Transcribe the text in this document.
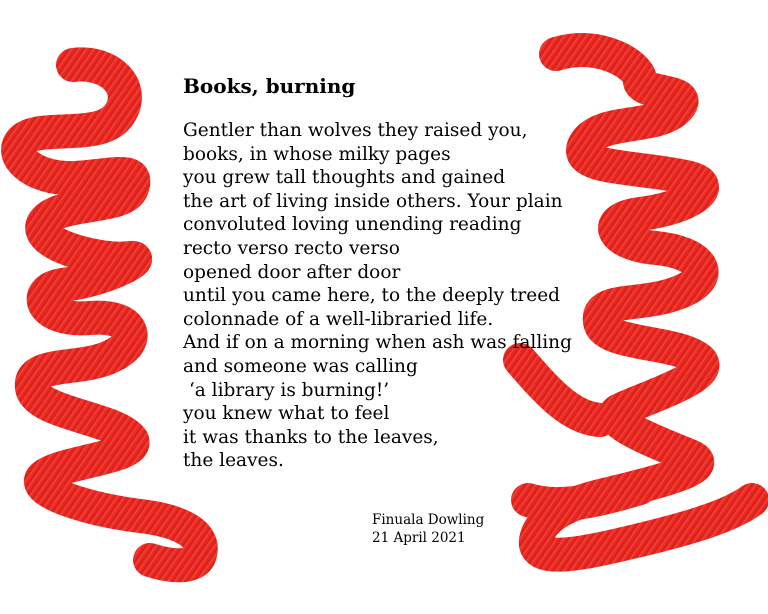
Books, burning
Gentler than wolves they raised you,
books, in whose milky pages
you grew tall thoughts and gained
the art of living inside others. Your plain
convoluted loving unending reading
recto verso recto verso
opened door after door
until you came here, to the deeply treed
colonnade of a well-libraried life.
And if on a morning when ash was falling
and someone was calling
‘a library is burning!’
you knew what to feel
it was thanks to the leaves,
the leaves.
Finuala Dowling
21 April 2021
